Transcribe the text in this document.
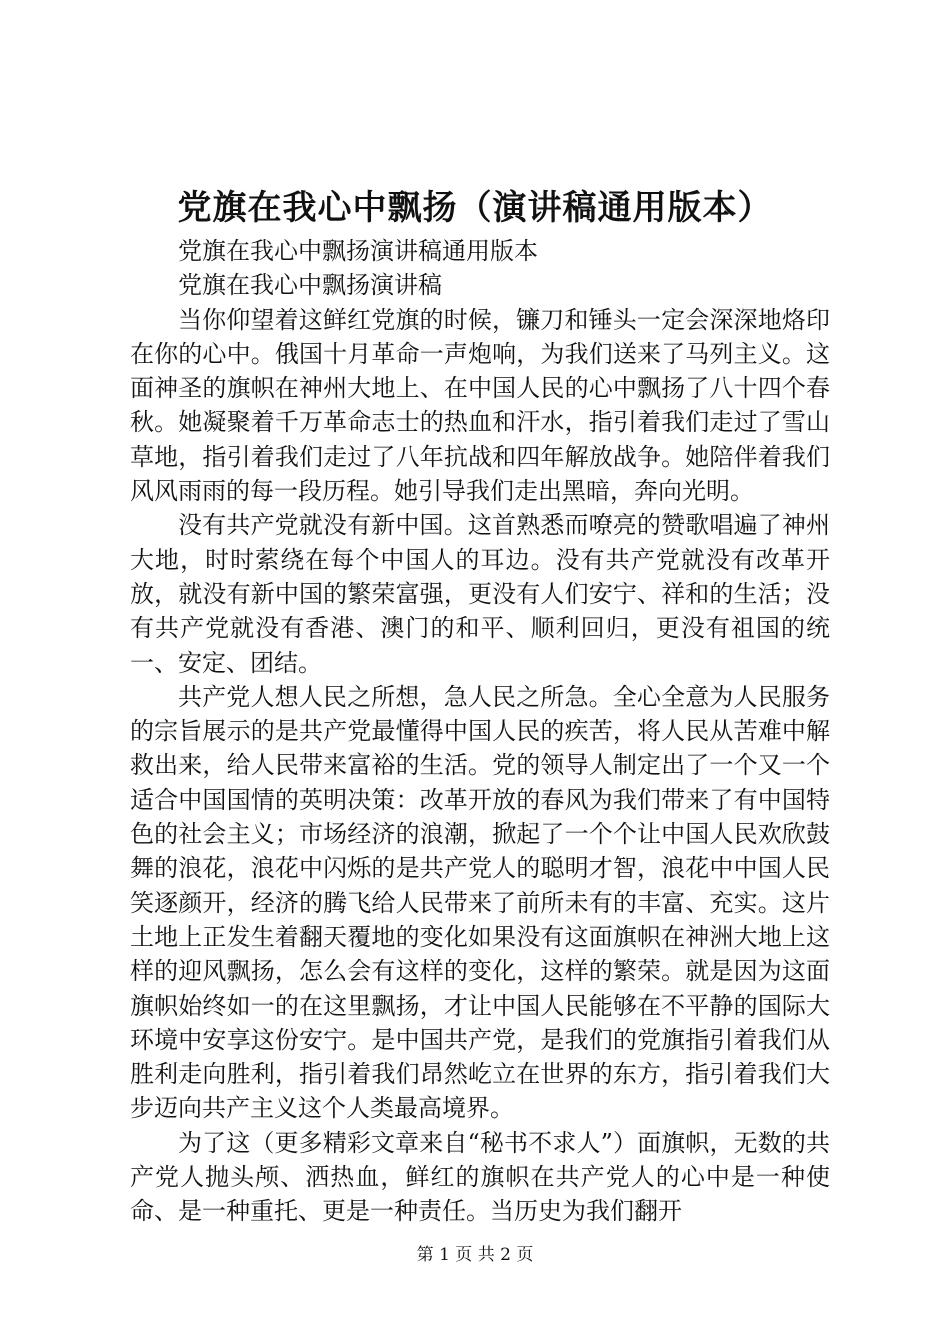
党旗在我心中飘扬（演讲稿通用版本）

党旗在我心中飘扬演讲稿通用版本

党旗在我心中飘扬演讲稿

当你仰望着这鲜红党旗的时候，镰刀和锤头一定会深深地烙印在你的心中。俄国十月革命一声炮响，为我们送来了马列主义。这面神圣的旗帜在神州大地上、在中国人民的心中飘扬了八十四个春秋。她凝聚着千万革命志士的热血和汗水，指引着我们走过了雪山草地，指引着我们走过了八年抗战和四年解放战争。她陪伴着我们风风雨雨的每一段历程。她引导我们走出黑暗，奔向光明。

没有共产党就没有新中国。这首熟悉而嘹亮的赞歌唱遍了神州大地，时时萦绕在每个中国人的耳边。没有共产党就没有改革开放，就没有新中国的繁荣富强，更没有人们安宁、祥和的生活；没有共产党就没有香港、澳门的和平、顺利回归，更没有祖国的统一、安定、团结。

共产党人想人民之所想，急人民之所急。全心全意为人民服务的宗旨展示的是共产党最懂得中国人民的疾苦，将人民从苦难中解救出来，给人民带来富裕的生活。党的领导人制定出了一个又一个适合中国国情的英明决策：改革开放的春风为我们带来了有中国特色的社会主义；市场经济的浪潮，掀起了一个个让中国人民欢欣鼓舞的浪花，浪花中闪烁的是共产党人的聪明才智，浪花中中国人民笑逐颜开，经济的腾飞给人民带来了前所未有的丰富、充实。这片土地上正发生着翻天覆地的变化如果没有这面旗帜在神洲大地上这样的迎风飘扬，怎么会有这样的变化，这样的繁荣。就是因为这面旗帜始终如一的在这里飘扬，才让中国人民能够在不平静的国际大环境中安享这份安宁。是中国共产党，是我们的党旗指引着我们从胜利走向胜利，指引着我们昂然屹立在世界的东方，指引着我们大步迈向共产主义这个人类最高境界。

为了这（更多精彩文章来自“秘书不求人”）面旗帜，无数的共产党人抛头颅、洒热血，鲜红的旗帜在共产党人的心中是一种使命、是一种重托、更是一种责任。当历史为我们翻开

第 1 页 共 2 页
